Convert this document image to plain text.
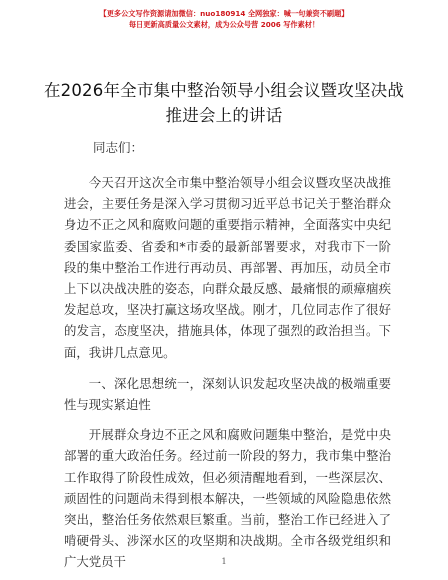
【更多公文写作资源请加微信：nuo180914 全网独家：喊一句兼资不刷题】
每日更新高质量公文素材，成为公众号营 2006 写作素材！
在2026年全市集中整治领导小组会议暨攻坚决战推进会上的讲话
同志们：

今天召开这次全市集中整治领导小组会议暨攻坚决战推进会，主要任务是深入学习贯彻习近平总书记关于整治群众身边不正之风和腐败问题的重要指示精神，全面落实中央纪委国家监委、省委和*市委的最新部署要求，对我市下一阶段的集中整治工作进行再动员、再部署、再加压，动员全市上下以决战决胜的姿态，向群众最反感、最痛恨的顽瘴痼疾发起总攻，坚决打赢这场攻坚战。刚才，几位同志作了很好的发言，态度坚决，措施具体，体现了强烈的政治担当。下面，我讲几点意见。

一、深化思想统一，深刻认识发起攻坚决战的极端重要性与现实紧迫性

开展群众身边不正之风和腐败问题集中整治，是党中央部署的重大政治任务。经过前一阶段的努力，我市集中整治工作取得了阶段性成效，但必须清醒地看到，一些深层次、顽固性的问题尚未得到根本解决，一些领域的风险隐患依然突出，整治任务依然艰巨繁重。当前，整治工作已经进入了啃硬骨头、涉深水区的攻坚期和决战期。全市各级党组织和广大党员干	1
